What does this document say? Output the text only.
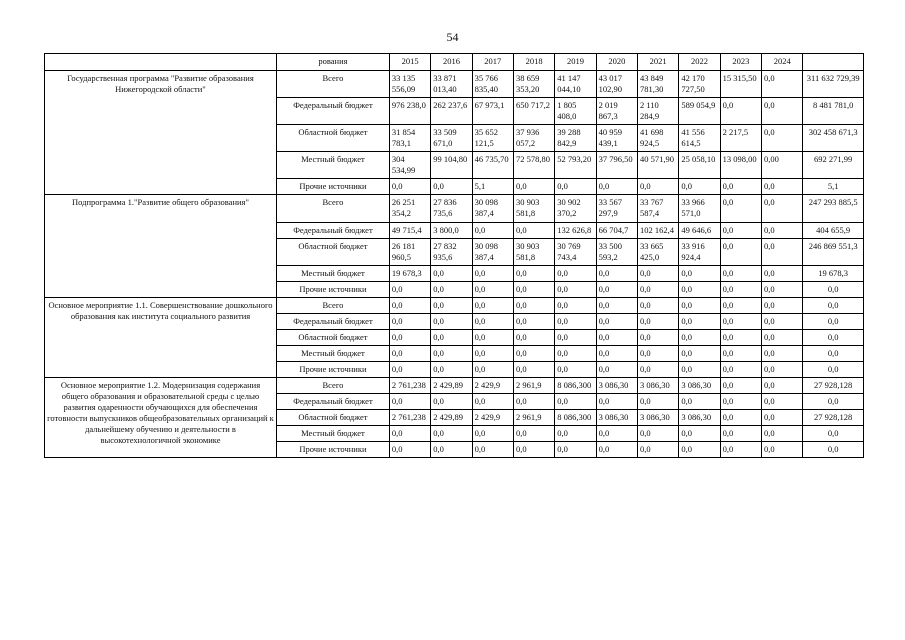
54
	рования	2015	2016	2017	2018	2019	2020	2021	2022	2023	2024	
Государственная программа "Развитие образования Нижегородской области"	Всего	33 135 556,09	33 871 013,40	35 766 835,40	38 659 353,20	41 147 044,10	43 017 102,90	43 849 781,30	42 170 727,50	15 315,50	0,0	311 632 729,39
	Федеральный бюджет	976 238,0	262 237,6	67 973,1	650 717,2	1 805 408,0	2 019 867,3	2 110 284,9	589 054,9	0,0	0,0	8 481 781,0
	Областной бюджет	31 854 783,1	33 509 671,0	35 652 121,5	37 936 057,2	39 288 842,9	40 959 439,1	41 698 924,5	41 556 614,5	2 217,5	0,0	302 458 671,3
	Местный бюджет	304 534,99	99 104,80	46 735,70	72 578,80	52 793,20	37 796,50	40 571,90	25 058,10	13 098,00	0,00	692 271,99
	Прочие источники	0,0	0,0	5,1	0,0	0,0	0,0	0,0	0,0	0,0	0,0	5,1
Подпрограмма 1."Развитие общего образования"	Всего	26 251 354,2	27 836 735,6	30 098 387,4	30 903 581,8	30 902 370,2	33 567 297,9	33 767 587,4	33 966 571,0	0,0	0,0	247 293 885,5
	Федеральный бюджет	49 715,4	3 800,0	0,0	0,0	132 626,8	66 704,7	102 162,4	49 646,6	0,0	0,0	404 655,9
	Областной бюджет	26 181 960,5	27 832 935,6	30 098 387,4	30 903 581,8	30 769 743,4	33 500 593,2	33 665 425,0	33 916 924,4	0,0	0,0	246 869 551,3
	Местный бюджет	19 678,3	0,0	0,0	0,0	0,0	0,0	0,0	0,0	0,0	0,0	19 678,3
	Прочие источники	0,0	0,0	0,0	0,0	0,0	0,0	0,0	0,0	0,0	0,0	0,0
Основное мероприятие 1.1. Совершенствование дошкольного образования как института социального развития	Всего	0,0	0,0	0,0	0,0	0,0	0,0	0,0	0,0	0,0	0,0	0,0
	Федеральный бюджет	0,0	0,0	0,0	0,0	0,0	0,0	0,0	0,0	0,0	0,0	0,0
	Областной бюджет	0,0	0,0	0,0	0,0	0,0	0,0	0,0	0,0	0,0	0,0	0,0
	Местный бюджет	0,0	0,0	0,0	0,0	0,0	0,0	0,0	0,0	0,0	0,0	0,0
	Прочие источники	0,0	0,0	0,0	0,0	0,0	0,0	0,0	0,0	0,0	0,0	0,0
Основное мероприятие 1.2. Модернизация содержания общего образования и образовательной среды с целью развития одаренности обучающихся для обеспечения готовности выпускников общеобразовательных организаций к дальнейшему обучению и деятельности в высокотехнологичной экономике	Всего	2 761,238	2 429,89	2 429,9	2 961,9	8 086,300	3 086,30	3 086,30	3 086,30	0,0	0,0	27 928,128
	Федеральный бюджет	0,0	0,0	0,0	0,0	0,0	0,0	0,0	0,0	0,0	0,0	0,0
	Областной бюджет	2 761,238	2 429,89	2 429,9	2 961,9	8 086,300	3 086,30	3 086,30	3 086,30	0,0	0,0	27 928,128
	Местный бюджет	0,0	0,0	0,0	0,0	0,0	0,0	0,0	0,0	0,0	0,0	0,0
	Прочие источники	0,0	0,0	0,0	0,0	0,0	0,0	0,0	0,0	0,0	0,0	0,0
